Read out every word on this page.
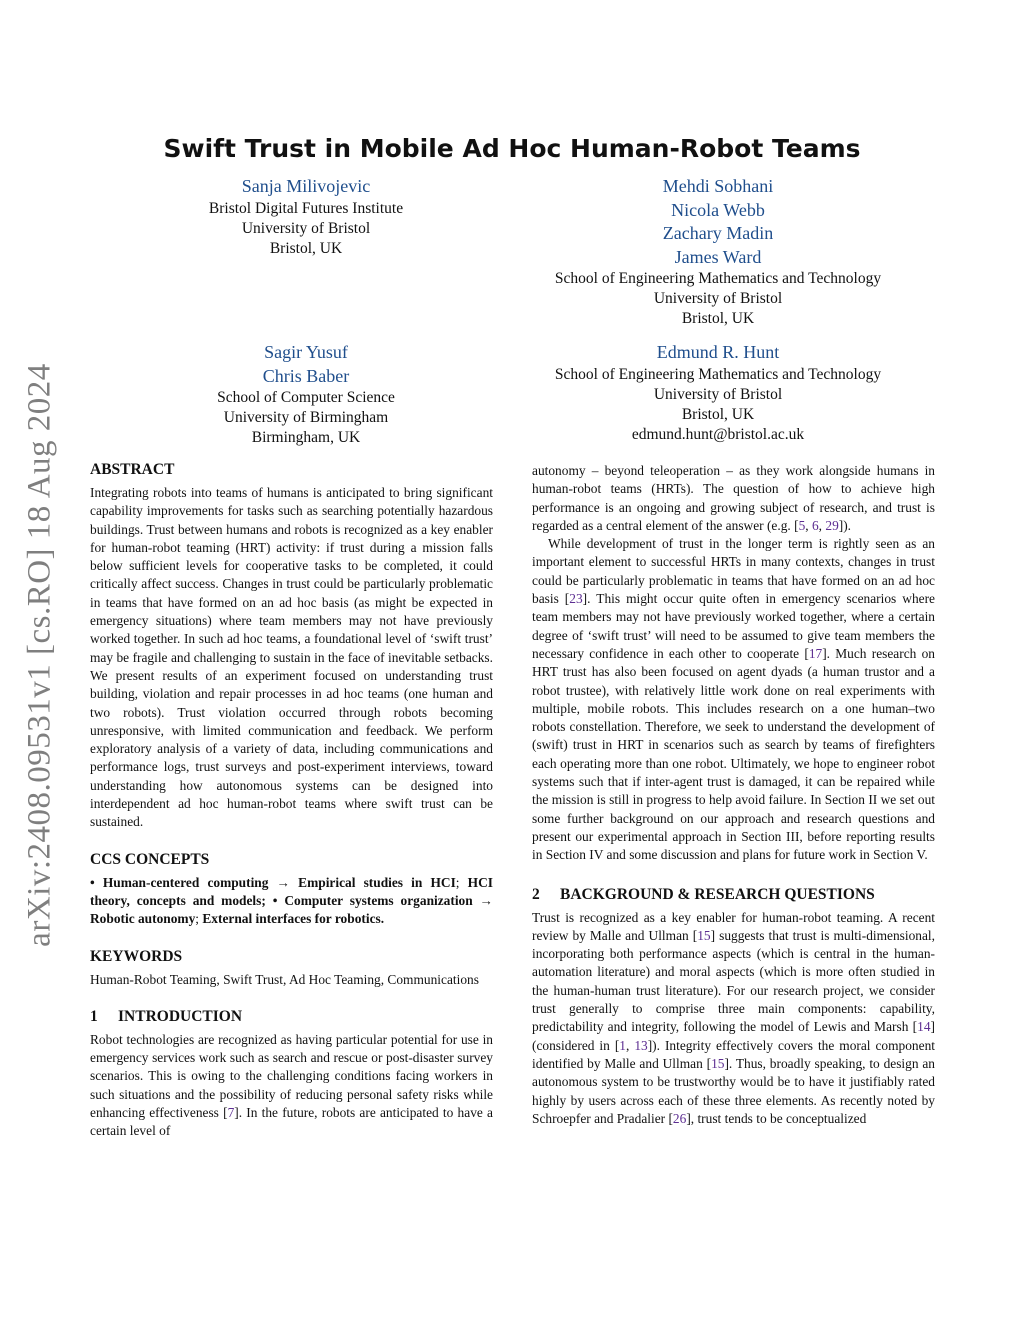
arXiv:2408.09531v1 [cs.RO] 18 Aug 2024
Swift Trust in Mobile Ad Hoc Human-Robot Teams
Sanja Milivojevic
Bristol Digital Futures Institute
University of Bristol
Bristol, UK
Mehdi Sobhani
Nicola Webb
Zachary Madin
James Ward
School of Engineering Mathematics and Technology
University of Bristol
Bristol, UK
Sagir Yusuf
Chris Baber
School of Computer Science
University of Birmingham
Birmingham, UK
Edmund R. Hunt
School of Engineering Mathematics and Technology
University of Bristol
Bristol, UK
edmund.hunt@bristol.ac.uk

ABSTRACT

Integrating robots into teams of humans is anticipated to bring significant capability improvements for tasks such as searching potentially hazardous buildings. Trust between humans and robots is recognized as a key enabler for human-robot teaming (HRT) activity: if trust during a mission falls below sufficient levels for cooperative tasks to be completed, it could critically affect success. Changes in trust could be particularly problematic in teams that have formed on an ad hoc basis (as might be expected in emergency situations) where team members may not have previously worked together. In such ad hoc teams, a foundational level of ‘swift trust’ may be fragile and challenging to sustain in the face of inevitable setbacks. We present results of an experiment focused on understanding trust building, violation and repair processes in ad hoc teams (one human and two robots). Trust violation occurred through robots becoming unresponsive, with limited communication and feedback. We perform exploratory analysis of a variety of data, including communications and performance logs, trust surveys and post-experiment interviews, toward understanding how autonomous systems can be designed into interdependent ad hoc human-robot teams where swift trust can be sustained.

CCS CONCEPTS

• Human-centered computing → Empirical studies in HCI; HCI theory, concepts and models; • Computer systems organization → Robotic autonomy; External interfaces for robotics.

KEYWORDS

Human-Robot Teaming, Swift Trust, Ad Hoc Teaming, Communications

1 INTRODUCTION

Robot technologies are recognized as having particular potential for use in emergency services work such as search and rescue or post-disaster survey scenarios. This is owing to the challenging conditions facing workers in such situations and the possibility of reducing personal safety risks while enhancing effectiveness [7]. In the future, robots are anticipated to have a certain level of

autonomy – beyond teleoperation – as they work alongside humans in human-robot teams (HRTs). The question of how to achieve high performance is an ongoing and growing subject of research, and trust is regarded as a central element of the answer (e.g. [5, 6, 29]).

While development of trust in the longer term is rightly seen as an important element to successful HRTs in many contexts, changes in trust could be particularly problematic in teams that have formed on an ad hoc basis [23]. This might occur quite often in emergency scenarios where team members may not have previously worked together, where a certain degree of ‘swift trust’ will need to be assumed to give team members the necessary confidence in each other to cooperate [17]. Much research on HRT trust has also been focused on agent dyads (a human trustor and a robot trustee), with relatively little work done on real experiments with multiple, mobile robots. This includes research on a one human–two robots constellation. Therefore, we seek to understand the development of (swift) trust in HRT in scenarios such as search by teams of firefighters each operating more than one robot. Ultimately, we hope to engineer robot systems such that if inter-agent trust is damaged, it can be repaired while the mission is still in progress to help avoid failure. In Section II we set out some further background on our approach and research questions and present our experimental approach in Section III, before reporting results in Section IV and some discussion and plans for future work in Section V.

2 BACKGROUND & RESEARCH QUESTIONS

Trust is recognized as a key enabler for human-robot teaming. A recent review by Malle and Ullman [15] suggests that trust is multi-dimensional, incorporating both performance aspects (which is central in the human-automation literature) and moral aspects (which is more often studied in the human-human trust literature). For our research project, we consider trust generally to comprise three main components: capability, predictability and integrity, following the model of Lewis and Marsh [14] (considered in [1, 13]). Integrity effectively covers the moral component identified by Malle and Ullman [15]. Thus, broadly speaking, to design an autonomous system to be trustworthy would be to have it justifiably rated highly by users across each of these three elements. As recently noted by Schroepfer and Pradalier [26], trust tends to be conceptualized
